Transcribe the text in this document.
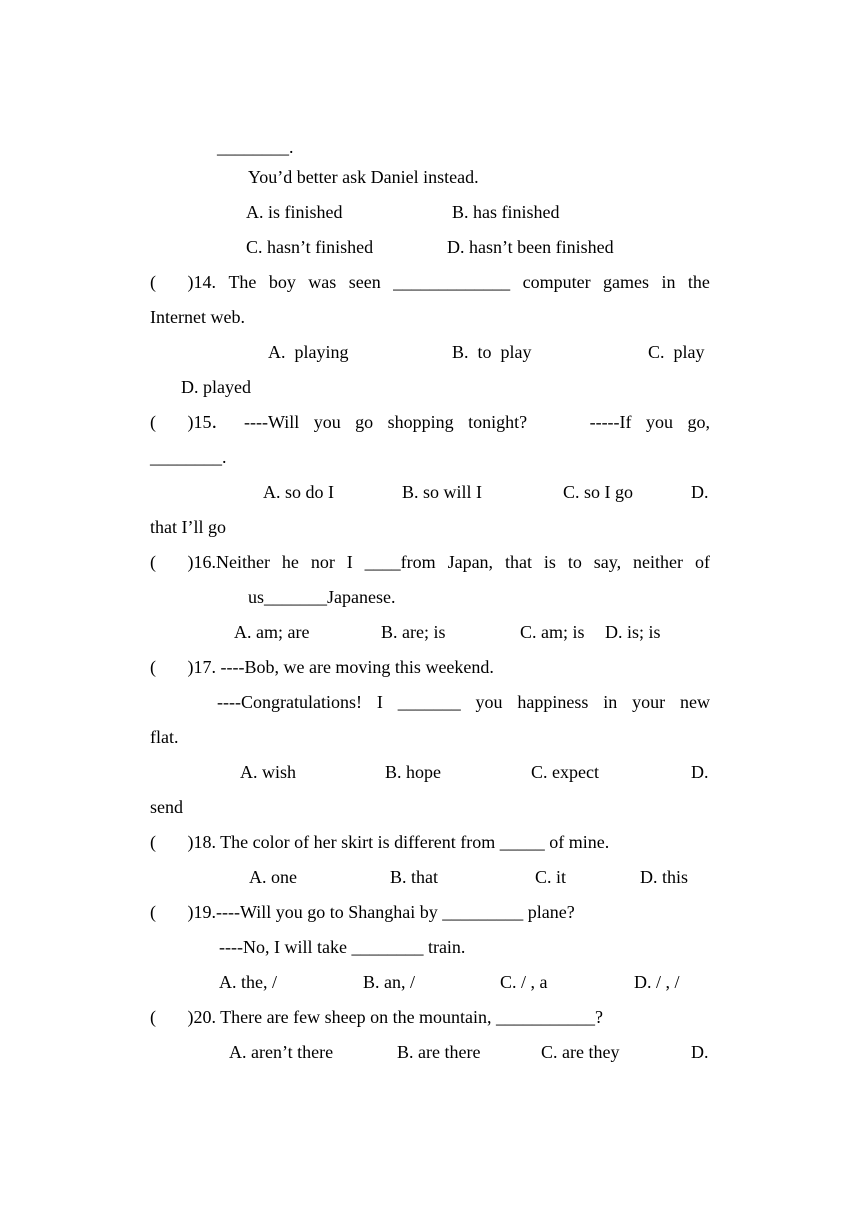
________.
You’d better ask Daniel instead.
A. is finished	B. has finished
C. hasn’t finished	D. hasn’t been finished
(       )14. The boy was seen _____________ computer games in the
Internet web.
A.  playing	B.  to  play	C.  play
D. played
(       )15． ----Will you go shopping tonight?	-----If you go,
________.
A. so do I	B. so will I	C. so I go	D.
that I’ll go
(       )16.Neither he nor I ____from Japan, that is to say, neither of
us_______Japanese.
A. am; are	B. are; is	C. am; is D. is; is
(       )17. ----Bob, we are moving this weekend.
----Congratulations! I _______ you happiness in your new
flat.
A. wish	B. hope	C. expect	D.
send
(       )18. The color of her skirt is different from _____ of mine.
A. one	B. that	C. it	D. this
(       )19.----Will you go to Shanghai by _________ plane?
----No, I will take ________ train.
A. the, /	B. an, /	C. / , a	D. / , /
(       )20. There are few sheep on the mountain, ___________?
A. aren’t there	B. are there	C. are they	D.
